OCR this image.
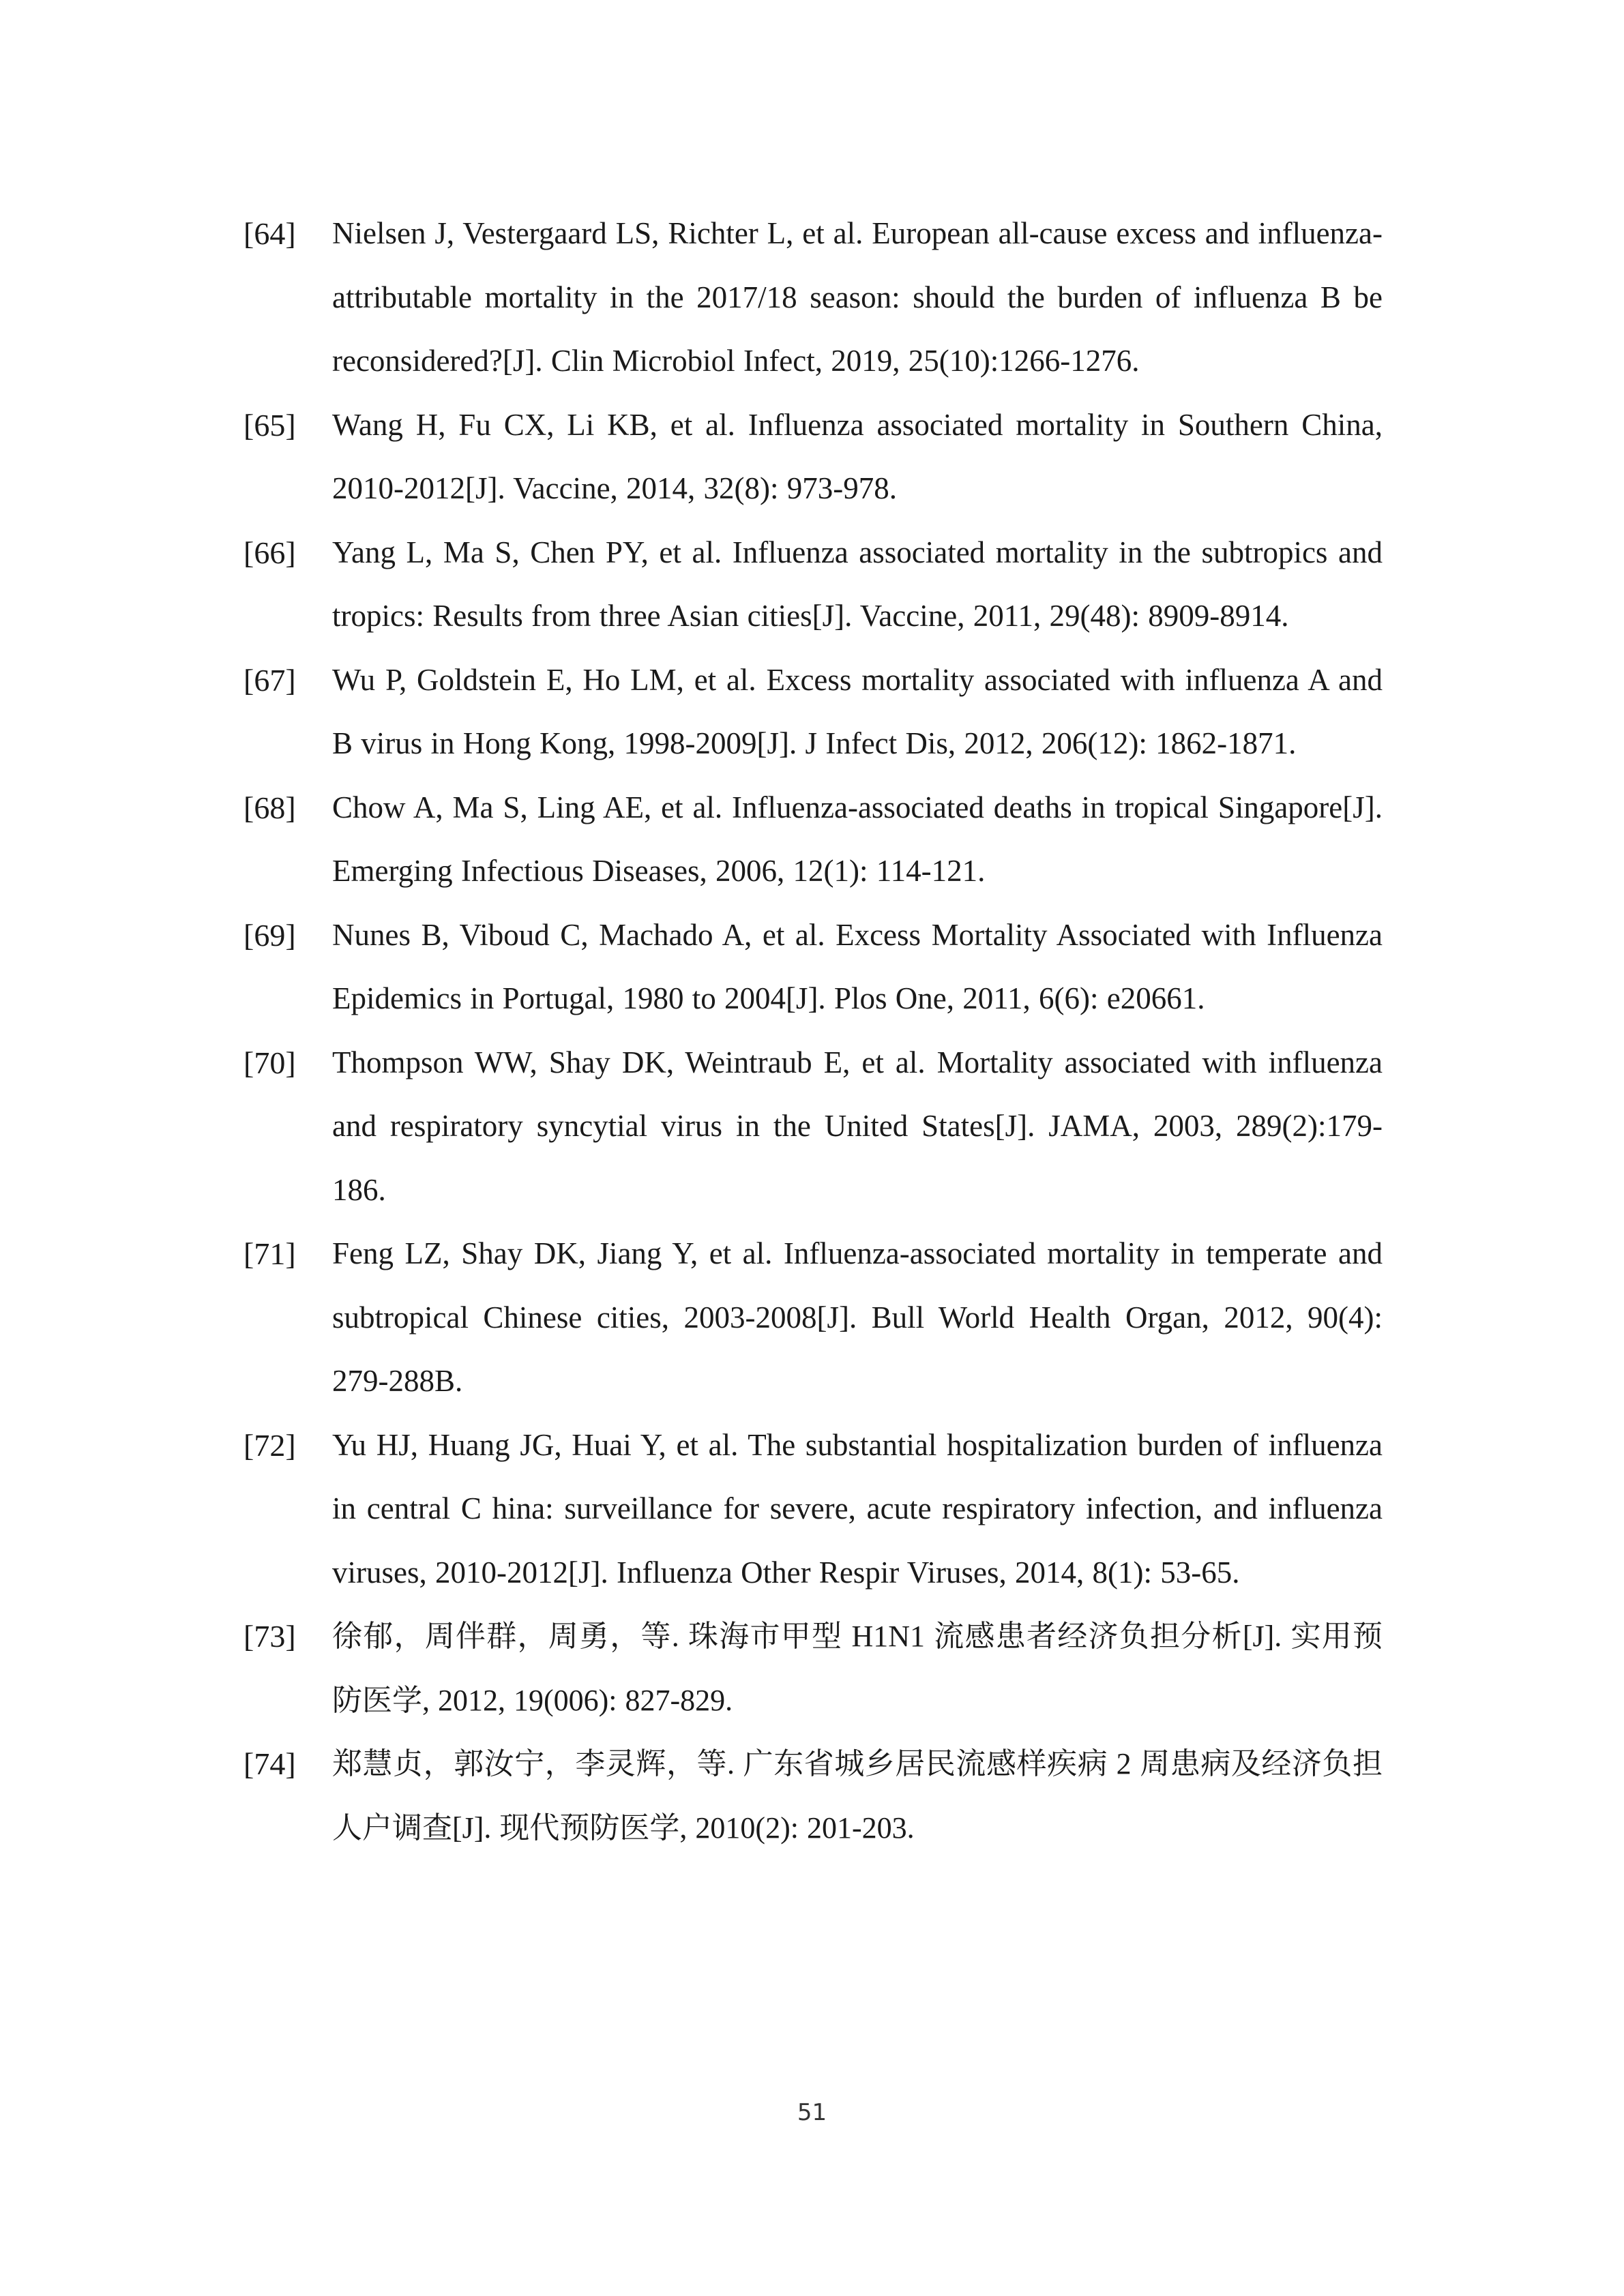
[64]	Nielsen J, Vestergaard LS, Richter L, et al. European all-cause excess and influenza-attributable mortality in the 2017/18 season: should the burden of influenza B be reconsidered?[J]. Clin Microbiol Infect, 2019, 25(10):1266-1276.
[65]	Wang H, Fu CX, Li KB, et al. Influenza associated mortality in Southern China, 2010-2012[J]. Vaccine, 2014, 32(8): 973-978.
[66]	Yang L, Ma S, Chen PY, et al. Influenza associated mortality in the subtropics and tropics: Results from three Asian cities[J]. Vaccine, 2011, 29(48): 8909-8914.
[67]	Wu P, Goldstein E, Ho LM, et al. Excess mortality associated with influenza A and B virus in Hong Kong, 1998-2009[J]. J Infect Dis, 2012, 206(12): 1862-1871.
[68]	Chow A, Ma S, Ling AE, et al. Influenza-associated deaths in tropical Singapore[J]. Emerging Infectious Diseases, 2006, 12(1): 114-121.
[69]	Nunes B, Viboud C, Machado A, et al. Excess Mortality Associated with Influenza Epidemics in Portugal, 1980 to 2004[J]. Plos One, 2011, 6(6): e20661.
[70]	Thompson WW, Shay DK, Weintraub E, et al. Mortality associated with influenza and respiratory syncytial virus in the United States[J]. JAMA, 2003, 289(2):179-186.
[71]	Feng LZ, Shay DK, Jiang Y, et al. Influenza-associated mortality in temperate and subtropical Chinese cities, 2003-2008[J]. Bull World Health Organ, 2012, 90(4): 279-288B.
[72]	Yu HJ, Huang JG, Huai Y, et al. The substantial hospitalization burden of influenza in central C hina: surveillance for severe, acute respiratory infection, and influenza viruses, 2010-2012[J]. Influenza Other Respir Viruses, 2014, 8(1): 53-65.
[73]	徐郁，周伴群，周勇，等. 珠海市甲型 H1N1 流感患者经济负担分析[J]. 实用预防医学, 2012, 19(006): 827-829.
[74]	郑慧贞，郭汝宁，李灵辉，等. 广东省城乡居民流感样疾病 2 周患病及经济负担人户调查[J]. 现代预防医学, 2010(2): 201-203.
51
